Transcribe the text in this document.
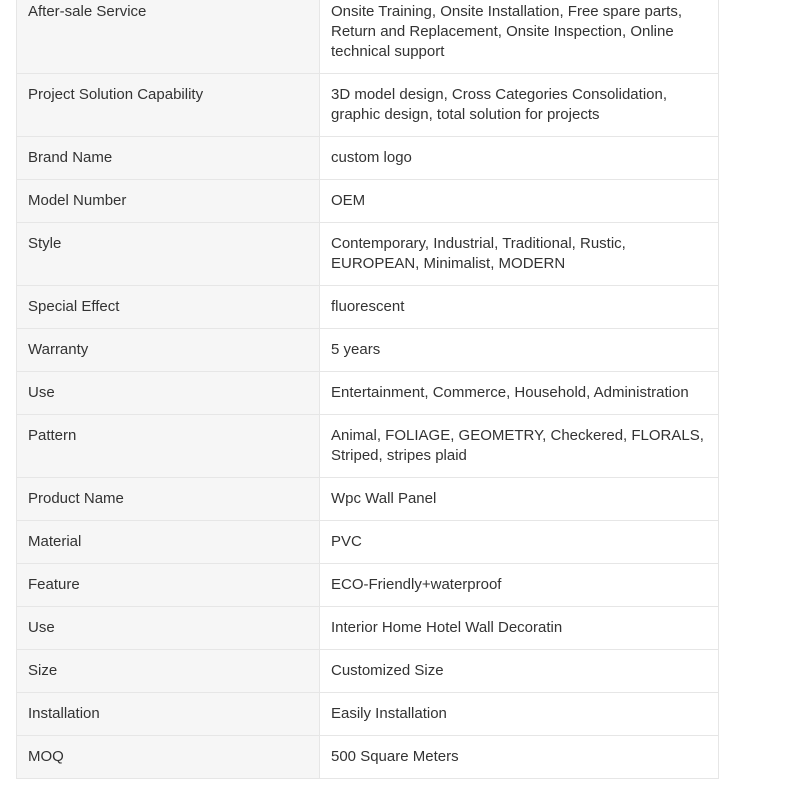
After-sale Service	Onsite Training, Onsite Installation, Free spare parts, Return and Replacement, Onsite Inspection, Online technical support

Project Solution Capability	3D model design, Cross Categories Consolidation, graphic design, total solution for projects

Brand Name	custom logo

Model Number	OEM

Style	Contemporary, Industrial, Traditional, Rustic, EUROPEAN, Minimalist, MODERN

Special Effect	fluorescent

Warranty	5 years

Use	Entertainment, Commerce, Household, Administration

Pattern	Animal, FOLIAGE, GEOMETRY, Checkered, FLORALS, Striped, stripes plaid

Product Name	Wpc Wall Panel

Material	PVC

Feature	ECO-Friendly+waterproof

Use	Interior Home Hotel Wall Decoratin

Size	Customized Size

Installation	Easily Installation

MOQ	500 Square Meters
